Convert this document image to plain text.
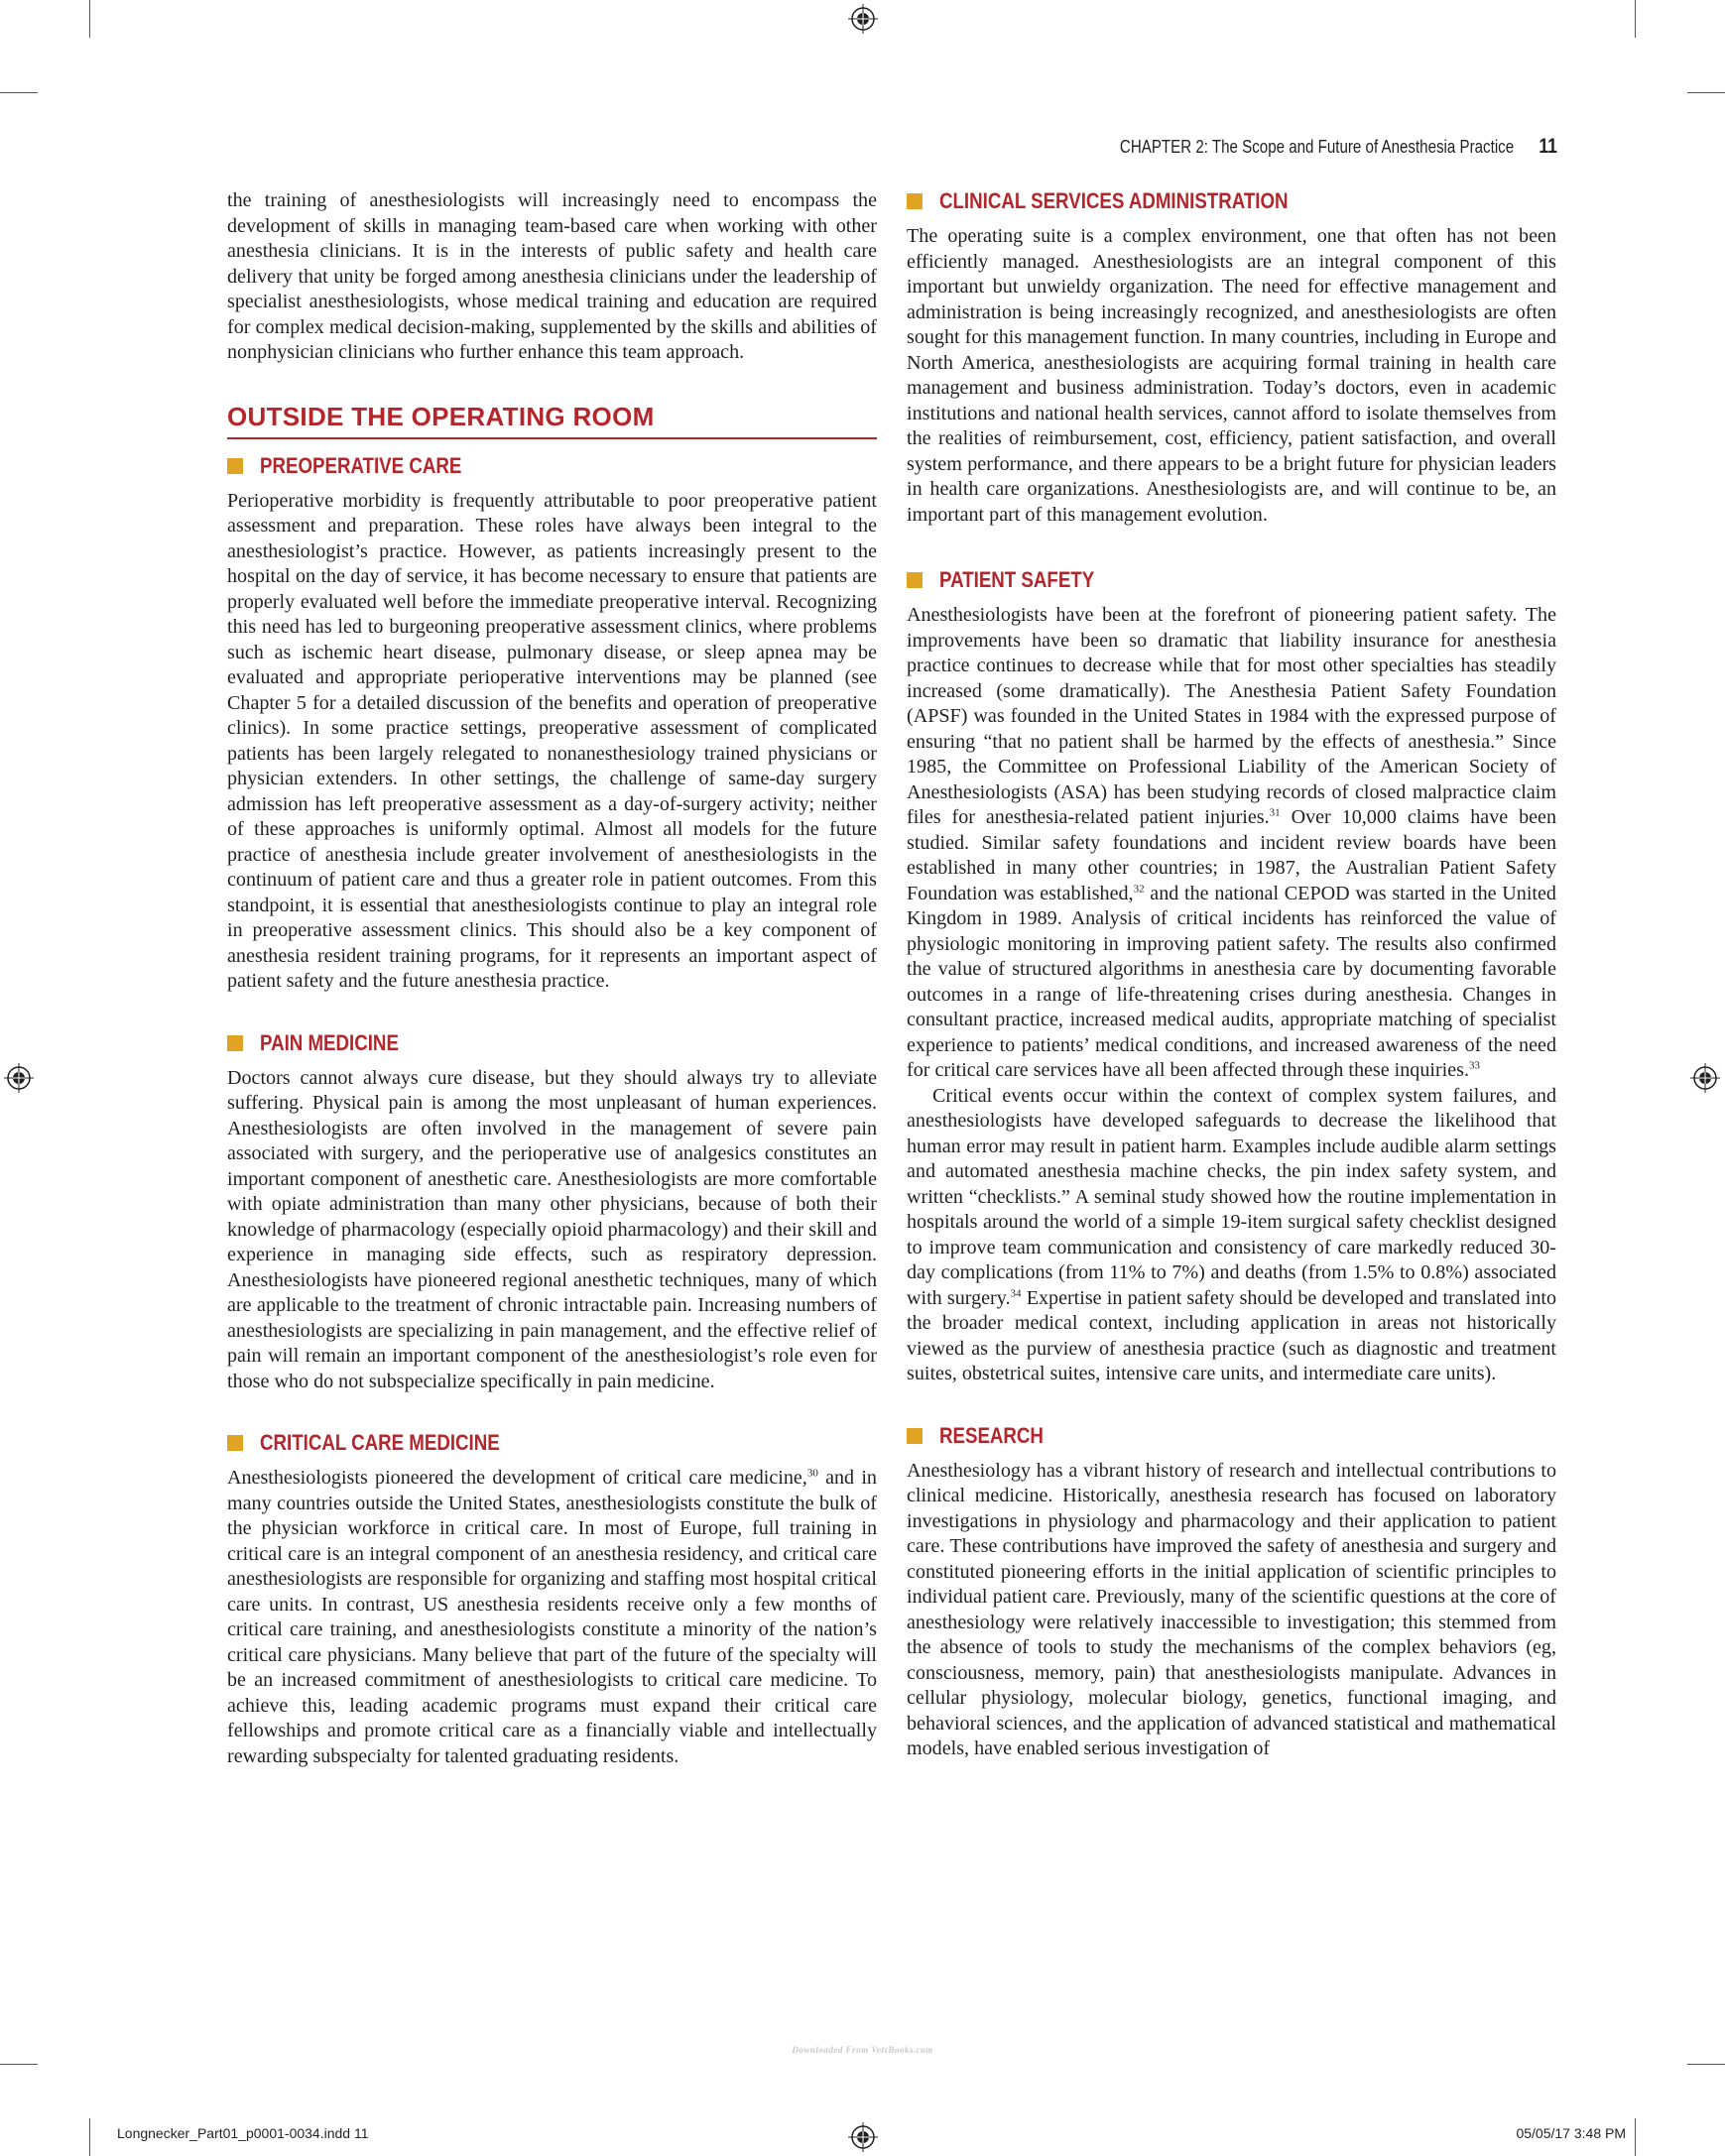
CHAPTER 2: The Scope and Future of Anesthesia Practice 11

the training of anesthesiologists will increasingly need to encompass the development of skills in managing team-based care when working with other anesthesia clinicians. It is in the interests of public safety and health care delivery that unity be forged among anesthesia clinicians under the leadership of specialist anesthesiologists, whose medical training and education are required for complex medical decision-making, supplemented by the skills and abilities of nonphysician clinicians who further enhance this team approach.

OUTSIDE THE OPERATING ROOM
PREOPERATIVE CARE

Perioperative morbidity is frequently attributable to poor preoperative patient assessment and preparation. These roles have always been integral to the anesthesiologist’s practice. However, as patients increasingly present to the hospital on the day of service, it has become necessary to ensure that patients are properly evaluated well before the immediate preoperative interval. Recognizing this need has led to burgeoning preoperative assessment clinics, where problems such as ischemic heart disease, pulmonary disease, or sleep apnea may be evaluated and appropriate perioperative interventions may be planned (see Chapter 5 for a detailed discussion of the benefits and operation of preoperative clinics). In some practice settings, preoperative assessment of complicated patients has been largely relegated to nonanesthesiology trained physicians or physician extenders. In other settings, the challenge of same-day surgery admission has left preoperative assessment as a day-of-surgery activity; neither of these approaches is uniformly optimal. Almost all models for the future practice of anesthesia include greater involvement of anesthesiologists in the continuum of patient care and thus a greater role in patient outcomes. From this standpoint, it is essential that anesthesiologists continue to play an integral role in preoperative assessment clinics. This should also be a key component of anesthesia resident training programs, for it represents an important aspect of patient safety and the future anesthesia practice.

PAIN MEDICINE

Doctors cannot always cure disease, but they should always try to alleviate suffering. Physical pain is among the most unpleasant of human experiences. Anesthesiologists are often involved in the management of severe pain associated with surgery, and the perioperative use of analgesics constitutes an important component of anesthetic care. Anesthesiologists are more comfortable with opiate administration than many other physicians, because of both their knowledge of pharmacology (especially opioid pharmacology) and their skill and experience in managing side effects, such as respiratory depression. Anesthesiologists have pioneered regional anesthetic techniques, many of which are applicable to the treatment of chronic intractable pain. Increasing numbers of anesthesiologists are specializing in pain management, and the effective relief of pain will remain an important component of the anesthesiologist’s role even for those who do not subspecialize specifically in pain medicine.

CRITICAL CARE MEDICINE

Anesthesiologists pioneered the development of critical care medicine,$^{30}$ and in many countries outside the United States, anesthesiologists constitute the bulk of the physician workforce in critical care. In most of Europe, full training in critical care is an integral component of an anesthesia residency, and critical care anesthesiologists are responsible for organizing and staffing most hospital critical care units. In contrast, US anesthesia residents receive only a few months of critical care training, and anesthesiologists constitute a minority of the nation’s critical care physicians. Many believe that part of the future of the specialty will be an increased commitment of anesthesiologists to critical care medicine. To achieve this, leading academic programs must expand their critical care fellowships and promote critical care as a financially viable and intellectually rewarding subspecialty for talented graduating residents.

CLINICAL SERVICES ADMINISTRATION

The operating suite is a complex environment, one that often has not been efficiently managed. Anesthesiologists are an integral component of this important but unwieldy organization. The need for effective management and administration is being increasingly recognized, and anesthesiologists are often sought for this management function. In many countries, including in Europe and North America, anesthesiologists are acquiring formal training in health care management and business administration. Today’s doctors, even in academic institutions and national health services, cannot afford to isolate themselves from the realities of reimbursement, cost, efficiency, patient satisfaction, and overall system performance, and there appears to be a bright future for physician leaders in health care organizations. Anesthesiologists are, and will continue to be, an important part of this management evolution.

PATIENT SAFETY

Anesthesiologists have been at the forefront of pioneering patient safety. The improvements have been so dramatic that liability insurance for anesthesia practice continues to decrease while that for most other specialties has steadily increased (some dramatically). The Anesthesia Patient Safety Foundation (APSF) was founded in the United States in 1984 with the expressed purpose of ensuring “that no patient shall be harmed by the effects of anesthesia.” Since 1985, the Committee on Professional Liability of the American Society of Anesthesiologists (ASA) has been studying records of closed malpractice claim files for anesthesia-related patient injuries.$^{31}$ Over 10,000 claims have been studied. Similar safety foundations and incident review boards have been established in many other countries; in 1987, the Australian Patient Safety Foundation was established,$^{32}$ and the national CEPOD was started in the United Kingdom in 1989. Analysis of critical incidents has reinforced the value of physiologic monitoring in improving patient safety. The results also confirmed the value of structured algorithms in anesthesia care by documenting favorable outcomes in a range of life-threatening crises during anesthesia. Changes in consultant practice, increased medical audits, appropriate matching of specialist experience to patients’ medical conditions, and increased awareness of the need for critical care services have all been affected through these inquiries.$^{33}$

Critical events occur within the context of complex system failures, and anesthesiologists have developed safeguards to decrease the likelihood that human error may result in patient harm. Examples include audible alarm settings and automated anesthesia machine checks, the pin index safety system, and written “checklists.” A seminal study showed how the routine implementation in hospitals around the world of a simple 19-item surgical safety checklist designed to improve team communication and consistency of care markedly reduced 30-day complications (from 11% to 7%) and deaths (from 1.5% to 0.8%) associated with surgery.$^{34}$ Expertise in patient safety should be developed and translated into the broader medical context, including application in areas not historically viewed as the purview of anesthesia practice (such as diagnostic and treatment suites, obstetrical suites, intensive care units, and intermediate care units).

RESEARCH

Anesthesiology has a vibrant history of research and intellectual contributions to clinical medicine. Historically, anesthesia research has focused on laboratory investigations in physiology and pharmacology and their application to patient care. These contributions have improved the safety of anesthesia and surgery and constituted pioneering efforts in the initial application of scientific principles to individual patient care. Previously, many of the scientific questions at the core of anesthesiology were relatively inaccessible to investigation; this stemmed from the absence of tools to study the mechanisms of the complex behaviors (eg, consciousness, memory, pain) that anesthesiologists manipulate. Advances in cellular physiology, molecular biology, genetics, functional imaging, and behavioral sciences, and the application of advanced statistical and mathematical models, have enabled serious investigation of

Downloaded From VetsBooks.com
Longnecker_Part01_p0001-0034.indd 11	05/05/17 3:48 PM
